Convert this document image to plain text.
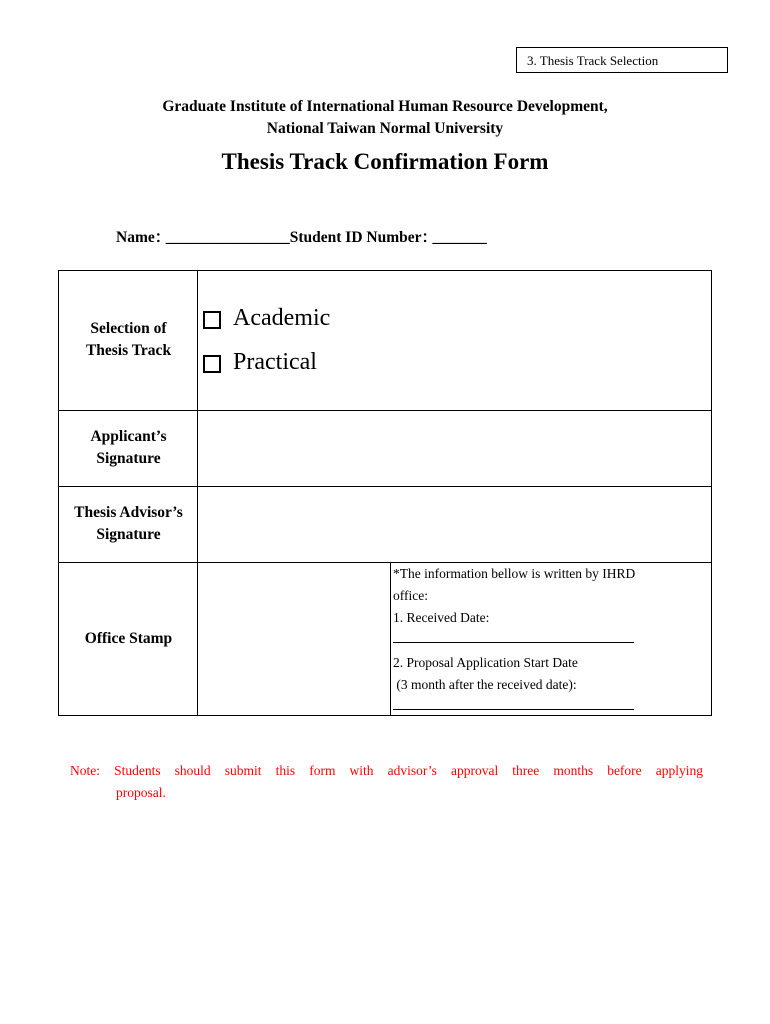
3. Thesis Track Selection
Graduate Institute of International Human Resource Development,
National Taiwan Normal University
Thesis Track Confirmation Form
Name：________________Student ID Number：_______
Selection of
Thesis Track
Academic
Practical
Applicant’s
Signature
Thesis Advisor’s
Signature
Office Stamp
*The information bellow is written by IHRD
office:
1. Received Date:
2. Proposal Application Start Date
(3 month after the received date):
Note: Students should submit this form with advisor’s approval three months before applying
proposal.
